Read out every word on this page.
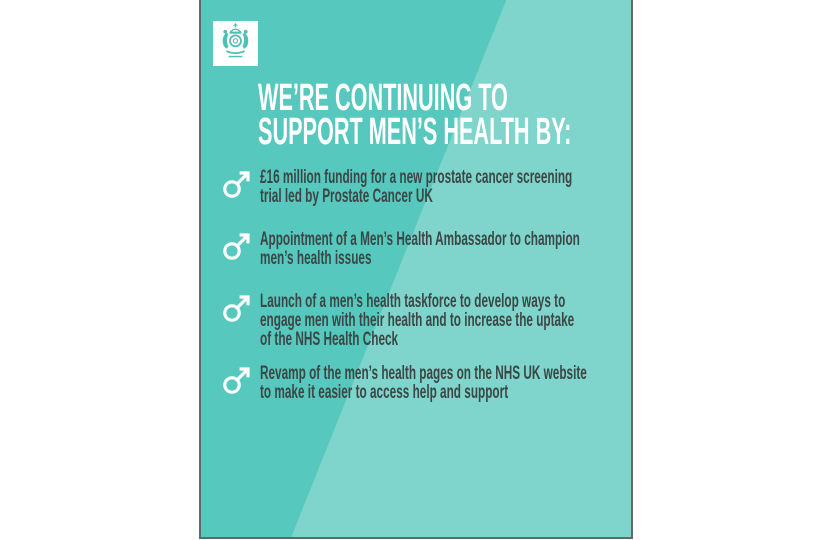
WE’RE CONTINUING TO
SUPPORT MEN’S HEALTH BY:
£16 million funding for a new prostate cancer screening
trial led by Prostate Cancer UK
Appointment of a Men’s Health Ambassador to champion
men’s health issues
Launch of a men’s health taskforce to develop ways to
engage men with their health and to increase the uptake
of the NHS Health Check
Revamp of the men’s health pages on the NHS UK website
to make it easier to access help and support
